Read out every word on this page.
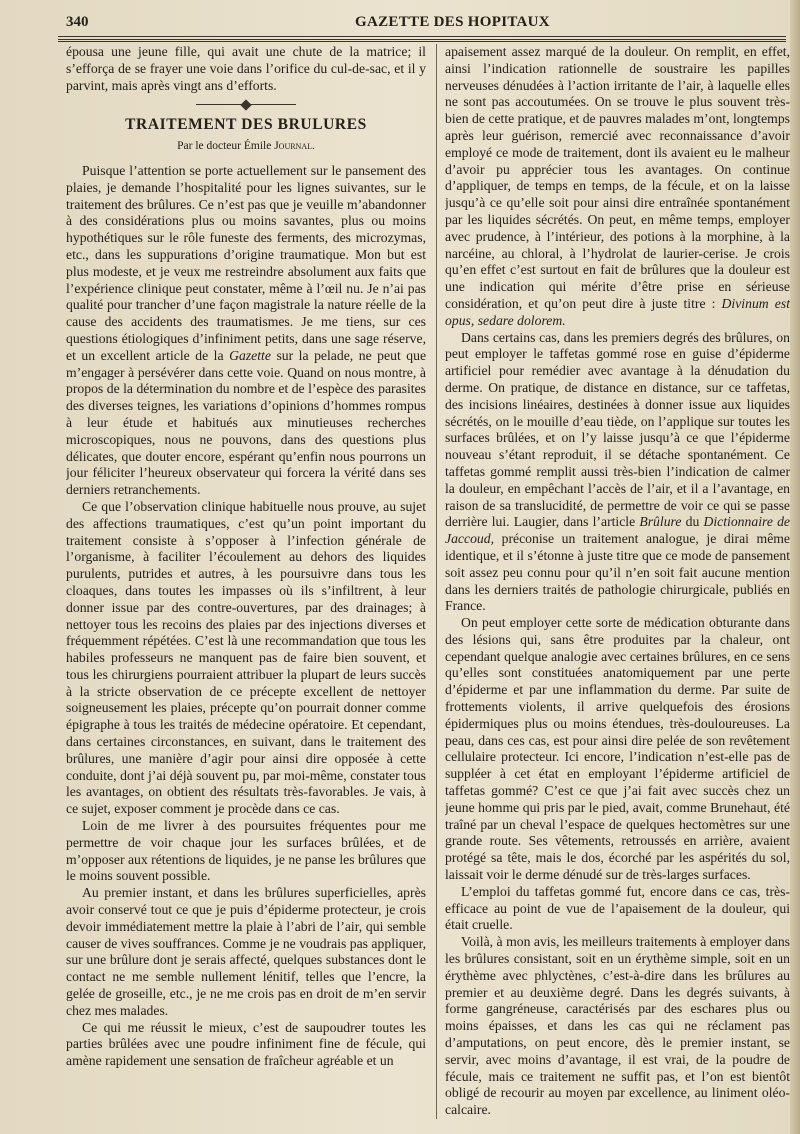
340	GAZETTE DES HOPITAUX

épousa une jeune fille, qui avait une chute de la matrice; il s’efforça de se frayer une voie dans l’orifice du cul-de-sac, et il y parvint, mais après vingt ans d’efforts.

TRAITEMENT DES BRULURES
Par le docteur Émile Journal.

Puisque l’attention se porte actuellement sur le pansement des plaies, je demande l’hospitalité pour les lignes suivantes, sur le traitement des brûlures. Ce n’est pas que je veuille m’abandonner à des considérations plus ou moins savantes, plus ou moins hypothétiques sur le rôle funeste des ferments, des microzymas, etc., dans les suppurations d’origine traumatique. Mon but est plus modeste, et je veux me restreindre absolument aux faits que l’expérience clinique peut constater, même à l’œil nu. Je n’ai pas qualité pour trancher d’une façon magistrale la nature réelle de la cause des accidents des traumatismes. Je me tiens, sur ces questions étiologiques d’infiniment petits, dans une sage réserve, et un excellent article de la Gazette sur la pelade, ne peut que m’engager à persévérer dans cette voie. Quand on nous montre, à propos de la détermination du nombre et de l’espèce des parasites des diverses teignes, les variations d’opinions d’hommes rompus à leur étude et habitués aux minutieuses recherches microscopiques, nous ne pouvons, dans des questions plus délicates, que douter encore, espérant qu’enfin nous pourrons un jour féliciter l’heureux observateur qui forcera la vérité dans ses derniers retranchements.

Ce que l’observation clinique habituelle nous prouve, au sujet des affections traumatiques, c’est qu’un point important du traitement consiste à s’opposer à l’infection générale de l’organisme, à faciliter l’écoulement au dehors des liquides purulents, putrides et autres, à les poursuivre dans tous les cloaques, dans toutes les impasses où ils s’infiltrent, à leur donner issue par des contre-ouvertures, par des drainages; à nettoyer tous les recoins des plaies par des injections diverses et fréquemment répétées. C’est là une recommandation que tous les habiles professeurs ne manquent pas de faire bien souvent, et tous les chirurgiens pourraient attribuer la plupart de leurs succès à la stricte observation de ce précepte excellent de nettoyer soigneusement les plaies, précepte qu’on pourrait donner comme épigraphe à tous les traités de médecine opératoire. Et cependant, dans certaines circonstances, en suivant, dans le traitement des brûlures, une manière d’agir pour ainsi dire opposée à cette conduite, dont j’ai déjà souvent pu, par moi-même, constater tous les avantages, on obtient des résultats très-favorables. Je vais, à ce sujet, exposer comment je procède dans ce cas.

Loin de me livrer à des poursuites fréquentes pour me permettre de voir chaque jour les surfaces brûlées, et de m’opposer aux rétentions de liquides, je ne panse les brûlures que le moins souvent possible.

Au premier instant, et dans les brûlures superficielles, après avoir conservé tout ce que je puis d’épiderme protecteur, je crois devoir immédiatement mettre la plaie à l’abri de l’air, qui semble causer de vives souffrances. Comme je ne voudrais pas appliquer, sur une brûlure dont je serais affecté, quelques substances dont le contact ne me semble nullement lénitif, telles que l’encre, la gelée de groseille, etc., je ne me crois pas en droit de m’en servir chez mes malades.

Ce qui me réussit le mieux, c’est de saupoudrer toutes les parties brûlées avec une poudre infiniment fine de fécule, qui amène rapidement une sensation de fraîcheur agréable et un

apaisement assez marqué de la douleur. On remplit, en effet, ainsi l’indication rationnelle de soustraire les papilles nerveuses dénudées à l’action irritante de l’air, à laquelle elles ne sont pas accoutumées. On se trouve le plus souvent très-bien de cette pratique, et de pauvres malades m’ont, longtemps après leur guérison, remercié avec reconnaissance d’avoir employé ce mode de traitement, dont ils avaient eu le malheur d’avoir pu apprécier tous les avantages. On continue d’appliquer, de temps en temps, de la fécule, et on la laisse jusqu’à ce qu’elle soit pour ainsi dire entraînée spontanément par les liquides sécrétés. On peut, en même temps, employer avec prudence, à l’intérieur, des potions à la morphine, à la narcéine, au chloral, à l’hydrolat de laurier-cerise. Je crois qu’en effet c’est surtout en fait de brûlures que la douleur est une indication qui mérite d’être prise en sérieuse considération, et qu’on peut dire à juste titre : Divinum est opus, sedare dolorem.

Dans certains cas, dans les premiers degrés des brûlures, on peut employer le taffetas gommé rose en guise d’épiderme artificiel pour remédier avec avantage à la dénudation du derme. On pratique, de distance en distance, sur ce taffetas, des incisions linéaires, destinées à donner issue aux liquides sécrétés, on le mouille d’eau tiède, on l’applique sur toutes les surfaces brûlées, et on l’y laisse jusqu’à ce que l’épiderme nouveau s’étant reproduit, il se détache spontanément. Ce taffetas gommé remplit aussi très-bien l’indication de calmer la douleur, en empêchant l’accès de l’air, et il a l’avantage, en raison de sa translucidité, de permettre de voir ce qui se passe derrière lui. Laugier, dans l’article Brûlure du Dictionnaire de Jaccoud, préconise un traitement analogue, je dirai même identique, et il s’étonne à juste titre que ce mode de pansement soit assez peu connu pour qu’il n’en soit fait aucune mention dans les derniers traités de pathologie chirurgicale, publiés en France.

On peut employer cette sorte de médication obturante dans des lésions qui, sans être produites par la chaleur, ont cependant quelque analogie avec certaines brûlures, en ce sens qu’elles sont constituées anatomiquement par une perte d’épiderme et par une inflammation du derme. Par suite de frottements violents, il arrive quelquefois des érosions épidermiques plus ou moins étendues, très-douloureuses. La peau, dans ces cas, est pour ainsi dire pelée de son revêtement cellulaire protecteur. Ici encore, l’indication n’est-elle pas de suppléer à cet état en employant l’épiderme artificiel de taffetas gommé? C’est ce que j’ai fait avec succès chez un jeune homme qui pris par le pied, avait, comme Brunehaut, été traîné par un cheval l’espace de quelques hectomètres sur une grande route. Ses vêtements, retroussés en arrière, avaient protégé sa tête, mais le dos, écorché par les aspérités du sol, laissait voir le derme dénudé sur de très-larges surfaces.

L’emploi du taffetas gommé fut, encore dans ce cas, très-efficace au point de vue de l’apaisement de la douleur, qui était cruelle.

Voilà, à mon avis, les meilleurs traitements à employer dans les brûlures consistant, soit en un érythème simple, soit en un érythème avec phlyctènes, c’est-à-dire dans les brûlures au premier et au deuxième degré. Dans les degrés suivants, à forme gangréneuse, caractérisés par des eschares plus ou moins épaisses, et dans les cas qui ne réclament pas d’amputations, on peut encore, dès le premier instant, se servir, avec moins d’avantage, il est vrai, de la poudre de fécule, mais ce traitement ne suffit pas, et l’on est bientôt obligé de recourir au moyen par excellence, au liniment oléo-calcaire.
